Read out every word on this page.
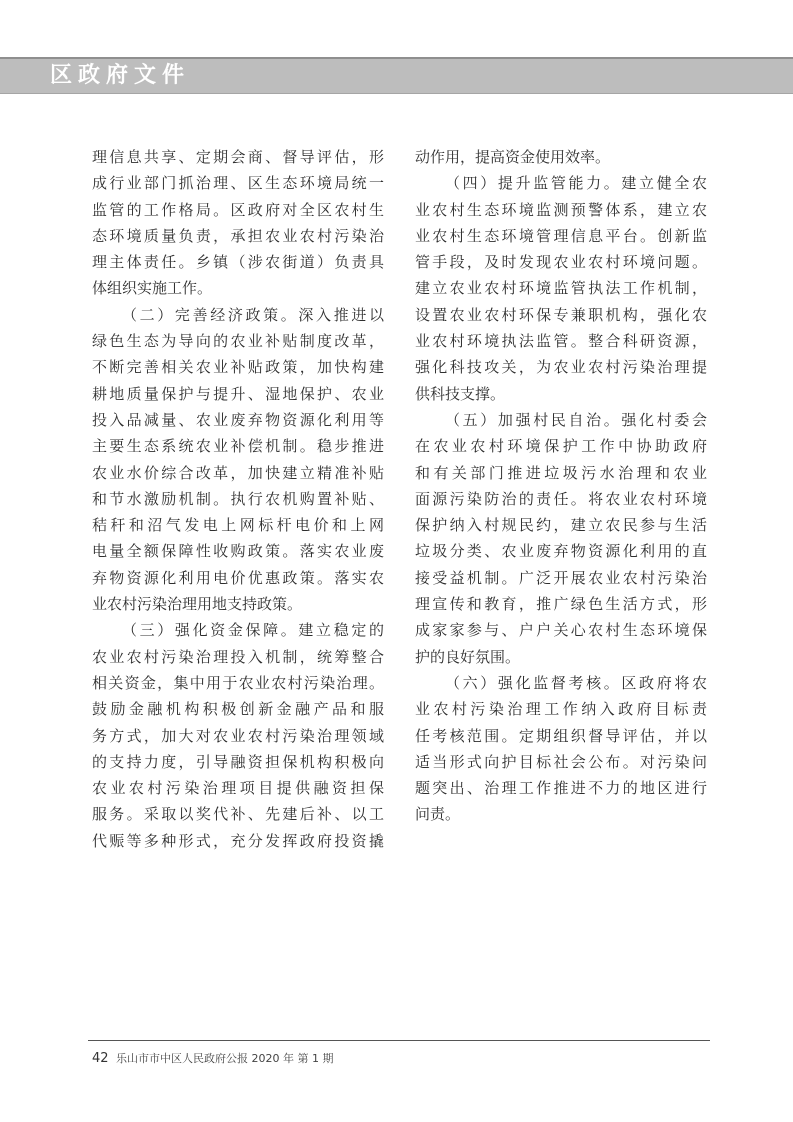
区政府文件
理信息共享、定期会商、督导评估，形
成行业部门抓治理、区生态环境局统一
监管的工作格局。区政府对全区农村生
态环境质量负责，承担农业农村污染治
理主体责任。乡镇（涉农街道）负责具
体组织实施工作。
（二）完善经济政策。深入推进以
绿色生态为导向的农业补贴制度改革，
不断完善相关农业补贴政策，加快构建
耕地质量保护与提升、湿地保护、农业
投入品减量、农业废弃物资源化利用等
主要生态系统农业补偿机制。稳步推进
农业水价综合改革，加快建立精准补贴
和节水激励机制。执行农机购置补贴、
秸秆和沼气发电上网标杆电价和上网
电量全额保障性收购政策。落实农业废
弃物资源化利用电价优惠政策。落实农
业农村污染治理用地支持政策。
（三）强化资金保障。建立稳定的
农业农村污染治理投入机制，统筹整合
相关资金，集中用于农业农村污染治理。
鼓励金融机构积极创新金融产品和服
务方式，加大对农业农村污染治理领域
的支持力度，引导融资担保机构积极向
农业农村污染治理项目提供融资担保
服务。采取以奖代补、先建后补、以工
代赈等多种形式，充分发挥政府投资撬
动作用，提高资金使用效率。
（四）提升监管能力。建立健全农
业农村生态环境监测预警体系，建立农
业农村生态环境管理信息平台。创新监
管手段，及时发现农业农村环境问题。
建立农业农村环境监管执法工作机制，
设置农业农村环保专兼职机构，强化农
业农村环境执法监管。整合科研资源，
强化科技攻关，为农业农村污染治理提
供科技支撑。
（五）加强村民自治。强化村委会
在农业农村环境保护工作中协助政府
和有关部门推进垃圾污水治理和农业
面源污染防治的责任。将农业农村环境
保护纳入村规民约，建立农民参与生活
垃圾分类、农业废弃物资源化利用的直
接受益机制。广泛开展农业农村污染治
理宣传和教育，推广绿色生活方式，形
成家家参与、户户关心农村生态环境保
护的良好氛围。
（六）强化监督考核。区政府将农
业农村污染治理工作纳入政府目标责
任考核范围。定期组织督导评估，并以
适当形式向护目标社会公布。对污染问
题突出、治理工作推进不力的地区进行
问责。
42 乐山市市中区人民政府公报 2020 年 第 1 期
